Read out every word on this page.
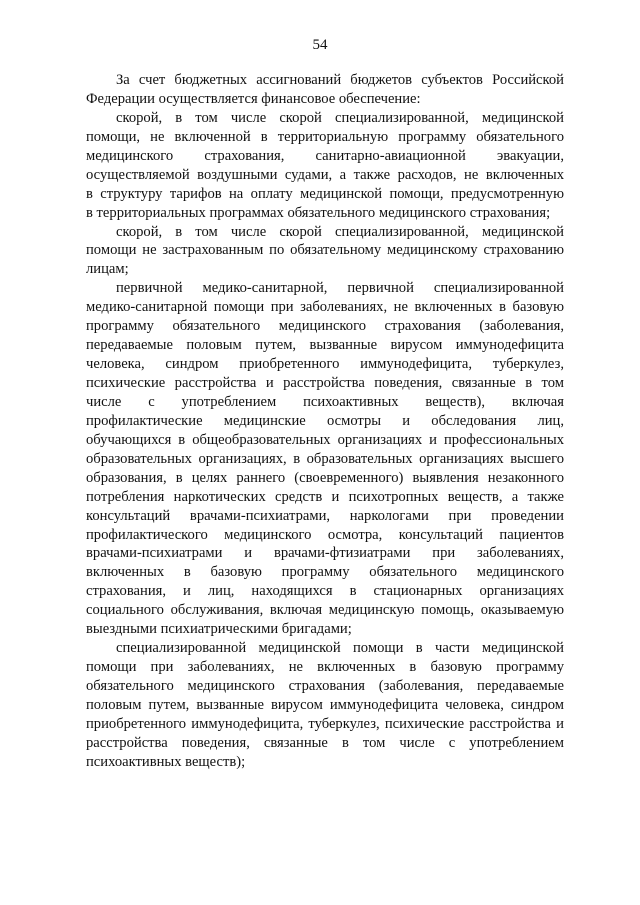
54
За счет бюджетных ассигнований бюджетов субъектов Российской
Федерации осуществляется финансовое обеспечение:
скорой, в том числе скорой специализированной, медицинской
помощи, не включенной в территориальную программу обязательного
медицинского страхования, санитарно-авиационной эвакуации,
осуществляемой воздушными судами, а также расходов, не включенных
в структуру тарифов на оплату медицинской помощи, предусмотренную
в территориальных программах обязательного медицинского страхования;
скорой, в том числе скорой специализированной, медицинской
помощи не застрахованным по обязательному медицинскому страхованию
лицам;
первичной медико-санитарной, первичной специализированной
медико-санитарной помощи при заболеваниях, не включенных в базовую
программу обязательного медицинского страхования (заболевания,
передаваемые половым путем, вызванные вирусом иммунодефицита
человека, синдром приобретенного иммунодефицита, туберкулез,
психические расстройства и расстройства поведения, связанные в том
числе с употреблением психоактивных веществ), включая
профилактические медицинские осмотры и обследования лиц,
обучающихся в общеобразовательных организациях и профессиональных
образовательных организациях, в образовательных организациях высшего
образования, в целях раннего (своевременного) выявления незаконного
потребления наркотических средств и психотропных веществ, а также
консультаций врачами-психиатрами, наркологами при проведении
профилактического медицинского осмотра, консультаций пациентов
врачами-психиатрами и врачами-фтизиатрами при заболеваниях,
включенных в базовую программу обязательного медицинского
страхования, и лиц, находящихся в стационарных организациях
социального обслуживания, включая медицинскую помощь, оказываемую
выездными психиатрическими бригадами;
специализированной медицинской помощи в части медицинской
помощи при заболеваниях, не включенных в базовую программу
обязательного медицинского страхования (заболевания, передаваемые
половым путем, вызванные вирусом иммунодефицита человека, синдром
приобретенного иммунодефицита, туберкулез, психические расстройства и
расстройства поведения, связанные в том числе с употреблением
психоактивных веществ);
